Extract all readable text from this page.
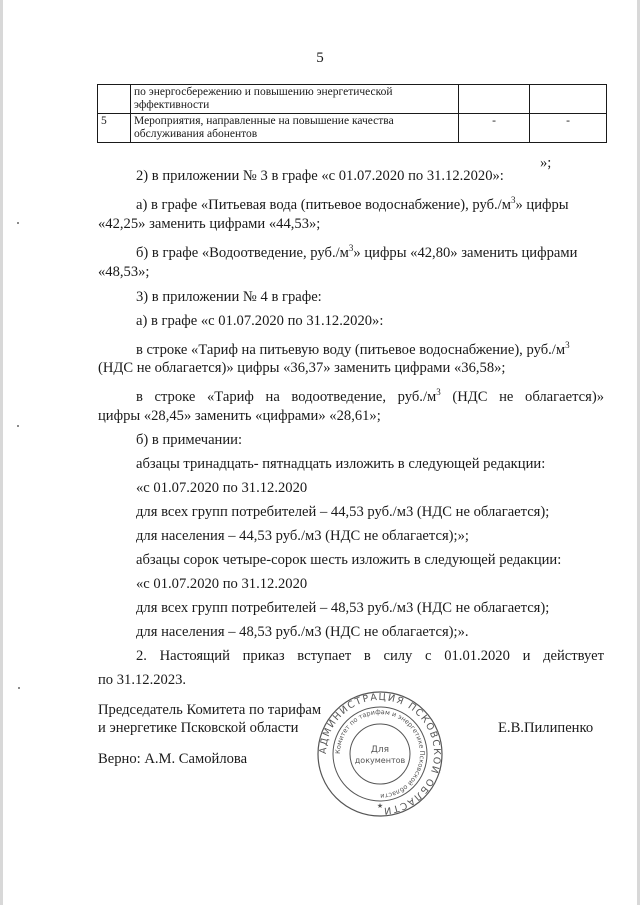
5
	по энергосбережению и повышению энергетической
эффективности		
5	Мероприятия, направленные на повышение качества
обслуживания абонентов	-	-
»;
2) в приложении № 3 в графе «с 01.07.2020 по 31.12.2020»:
а) в графе «Питьевая вода (питьевое водоснабжение), $руб./м^3$» цифры
«42,25» заменить цифрами «44,53»;
б) в графе «Водоотведение, $руб./м^3$» цифры «42,80» заменить цифрами
«48,53»;
3) в приложении № 4 в графе:
а) в графе «с 01.07.2020 по 31.12.2020»:
в строке «Тариф на питьевую воду (питьевое водоснабжение), $руб./м^3$
(НДС не облагается)» цифры «36,37» заменить цифрами «36,58»;
в строке «Тариф на водоотведение, $руб./м^3$ (НДС не облагается)»
цифры «28,45» заменить «цифрами» «28,61»;
б) в примечании:
абзацы тринадцать- пятнадцать изложить в следующей редакции:
«с 01.07.2020 по 31.12.2020
для всех групп потребителей – 44,53 руб./м3 (НДС не облагается);
для населения – 44,53 руб./м3 (НДС не облагается);»;
абзацы сорок четыре-сорок шесть изложить в следующей редакции:
«с 01.07.2020 по 31.12.2020
для всех групп потребителей – 48,53 руб./м3 (НДС не облагается);
для населения – 48,53 руб./м3 (НДС не облагается);».
2. Настоящий приказ вступает в силу с 01.01.2020 и действует
по 31.12.2023.
Председатель Комитета по тарифам
и энергетике Псковской области	Е.В.Пилипенко
Верно: А.М. Самойлова
АДМИНИСТРАЦИЯ ПСКОВСКОЙ ОБЛАСТИ
Комитет по тарифам и энергетике Псковской области
Для
документов
★
